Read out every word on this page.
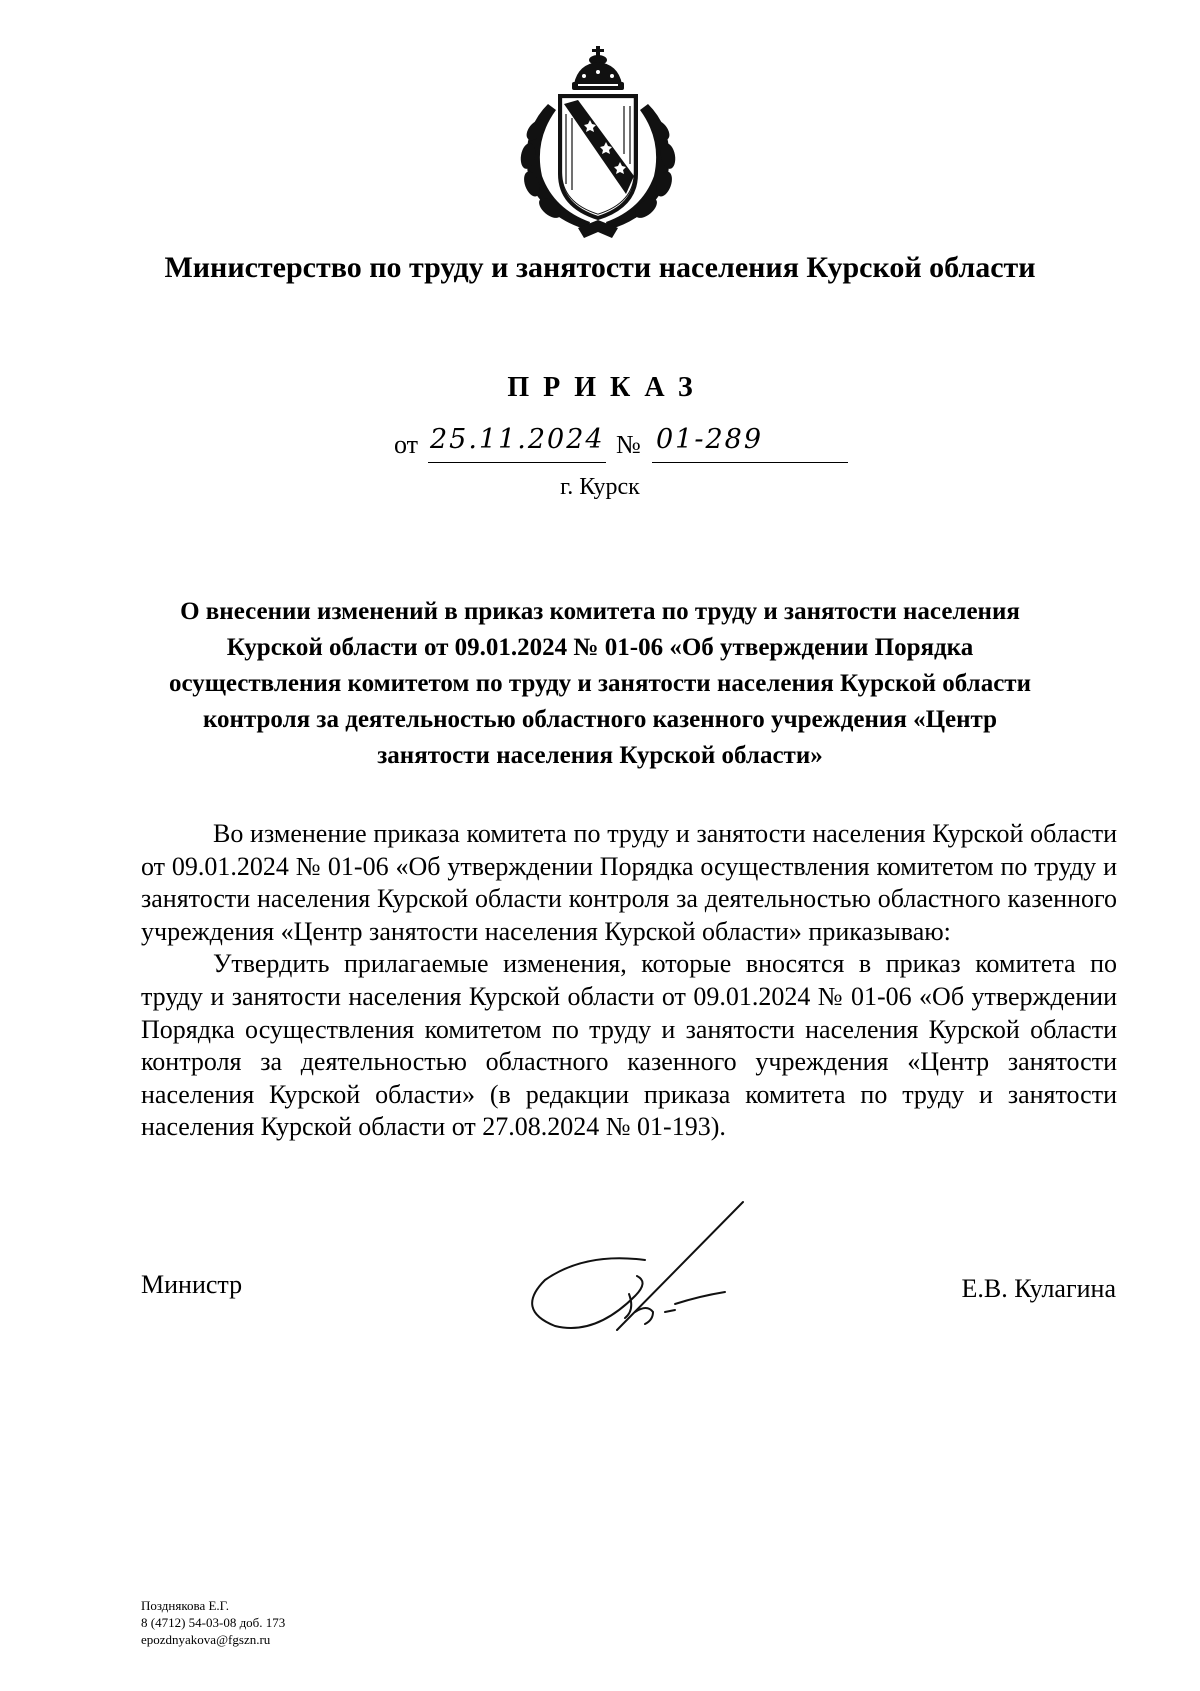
Министерство по труду и занятости населения Курской области
ПРИКАЗ
от 25.11.2024 № 01-289
г. Курск
О внесении изменений в приказ комитета по труду и занятости населения Курской области от 09.01.2024 № 01-06 «Об утверждении Порядка осуществления комитетом по труду и занятости населения Курской области контроля за деятельностью областного казенного учреждения «Центр занятости населения Курской области»

Во изменение приказа комитета по труду и занятости населения Курской области от 09.01.2024 № 01-06 «Об утверждении Порядка осуществления комитетом по труду и занятости населения Курской области контроля за деятельностью областного казенного учреждения «Центр занятости населения Курской области» приказываю:

Утвердить прилагаемые изменения, которые вносятся в приказ комитета по труду и занятости населения Курской области от 09.01.2024 № 01-06 «Об утверждении Порядка осуществления комитетом по труду и занятости населения Курской области контроля за деятельностью областного казенного учреждения «Центр занятости населения Курской области» (в редакции приказа комитета по труду и занятости населения Курской области от 27.08.2024 № 01-193).

Министр	Е.В. Кулагина
Позднякова Е.Г.
8 (4712) 54-03-08 доб. 173
epozdnyakova@fgszn.ru
